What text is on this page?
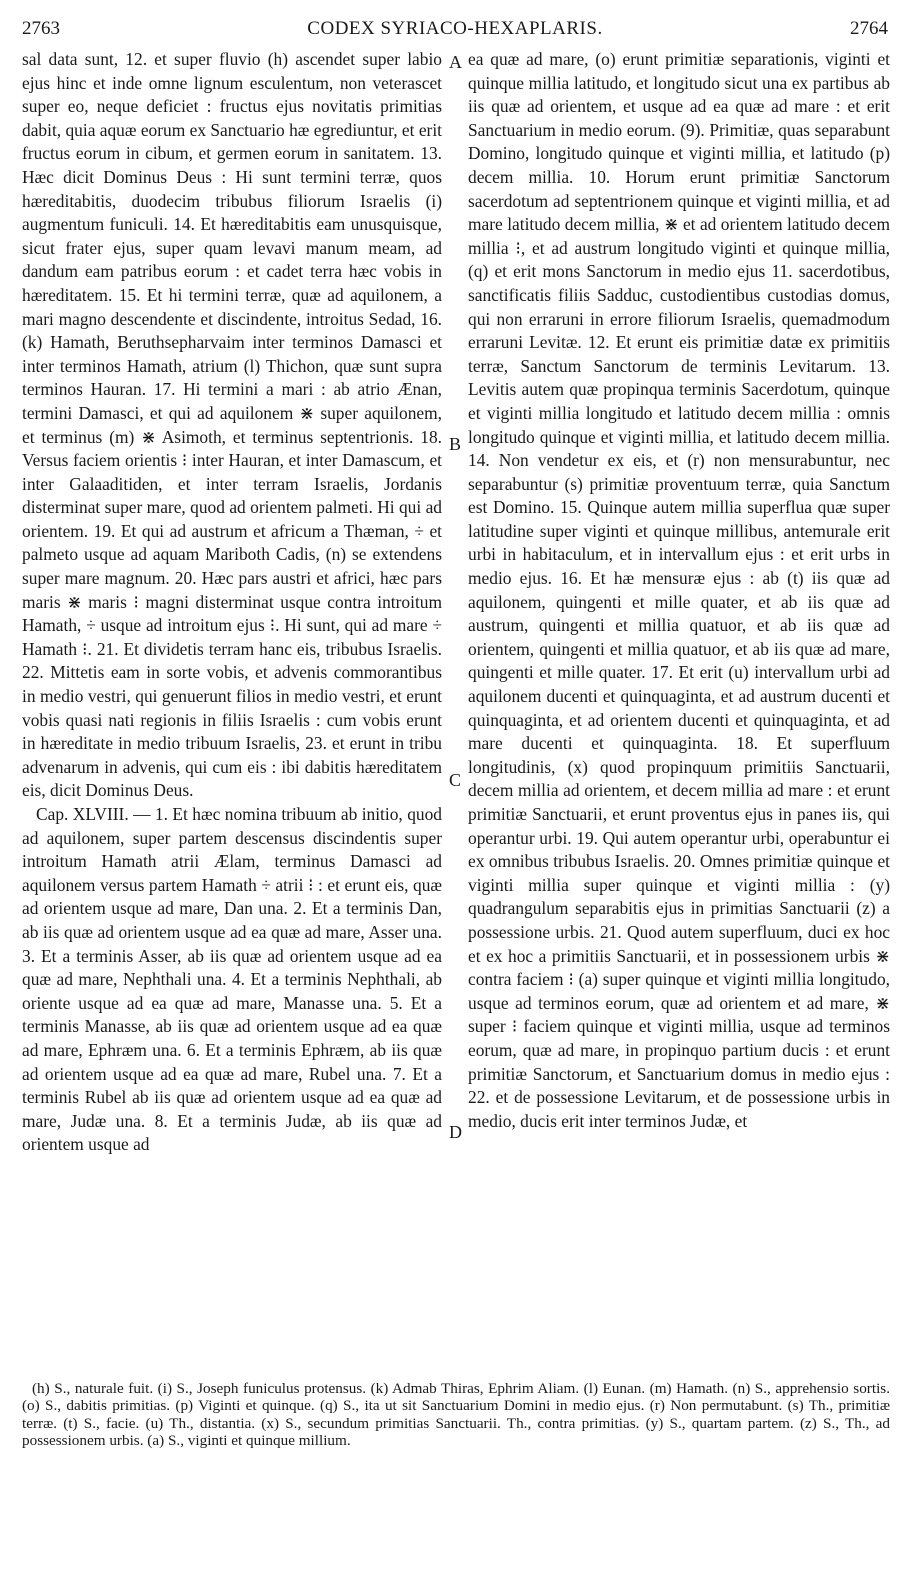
2763	CODEX SYRIACO-HEXAPLARIS.	2764

sal data sunt, 12. et super fluvio (h) ascendet super labio ejus hinc et inde omne lignum esculentum, non veterascet super eo, neque deficiet : fructus ejus novitatis primitias dabit, quia aquæ eorum ex Sanctuario hæ egrediuntur, et erit fructus eorum in cibum, et germen eorum in sanitatem. 13. Hæc dicit Dominus Deus : Hi sunt termini terræ, quos hæreditabitis, duodecim tribubus filiorum Israelis (i) augmentum funiculi. 14. Et hæreditabitis eam unusquisque, sicut frater ejus, super quam levavi manum meam, ad dandum eam patribus eorum : et cadet terra hæc vobis in hæreditatem. 15. Et hi termini terræ, quæ ad aquilonem, a mari magno descendente et discindente, introitus Sedad, 16. (k) Hamath, Beruthsepharvaim inter terminos Damasci et inter terminos Hamath, atrium (l) Thichon, quæ sunt supra terminos Hauran. 17. Hi termini a mari : ab atrio Ænan, termini Damasci, et qui ad aquilonem ⋇ super aquilonem, et terminus (m) ⋇ Asimoth, et terminus septentrionis. 18. Versus faciem orientis ⁝ inter Hauran, et inter Damascum, et inter Galaaditiden, et inter terram Israelis, Jordanis disterminat super mare, quod ad orientem palmeti. Hi qui ad orientem. 19. Et qui ad austrum et africum a Thæman, ÷ et palmeto usque ad aquam Mariboth Cadis, (n) se extendens super mare magnum. 20. Hæc pars austri et africi, hæc pars maris ⋇ maris ⁝ magni disterminat usque contra introitum Hamath, ÷ usque ad introitum ejus ⁝. Hi sunt, qui ad mare ÷ Hamath ⁝. 21. Et dividetis terram hanc eis, tribubus Israelis. 22. Mittetis eam in sorte vobis, et advenis commorantibus in medio vestri, qui genuerunt filios in medio vestri, et erunt vobis quasi nati regionis in filiis Israelis : cum vobis erunt in hæreditate in medio tribuum Israelis, 23. et erunt in tribu advenarum in advenis, qui cum eis : ibi dabitis hæreditatem eis, dicit Dominus Deus.

Cap. XLVIII. — 1. Et hæc nomina tribuum ab initio, quod ad aquilonem, super partem descensus discindentis super introitum Hamath atrii Ælam, terminus Damasci ad aquilonem versus partem Hamath ÷ atrii ⁝ : et erunt eis, quæ ad orientem usque ad mare, Dan una. 2. Et a terminis Dan, ab iis quæ ad orientem usque ad ea quæ ad mare, Asser una. 3. Et a terminis Asser, ab iis quæ ad orientem usque ad ea quæ ad mare, Nephthali una. 4. Et a terminis Nephthali, ab oriente usque ad ea quæ ad mare, Manasse una. 5. Et a terminis Manasse, ab iis quæ ad orientem usque ad ea quæ ad mare, Ephræm una. 6. Et a terminis Ephræm, ab iis quæ ad orientem usque ad ea quæ ad mare, Rubel una. 7. Et a terminis Rubel ab iis quæ ad orientem usque ad ea quæ ad mare, Judæ una. 8. Et a terminis Judæ, ab iis quæ ad orientem usque ad

A
B
C
D

ea quæ ad mare, (o) erunt primitiæ separationis, viginti et quinque millia latitudo, et longitudo sicut una ex partibus ab iis quæ ad orientem, et usque ad ea quæ ad mare : et erit Sanctuarium in medio eorum. (9). Primitiæ, quas separabunt Domino, longitudo quinque et viginti millia, et latitudo (p) decem millia. 10. Horum erunt primitiæ Sanctorum sacerdotum ad septentrionem quinque et viginti millia, et ad mare latitudo decem millia, ⋇ et ad orientem latitudo decem millia ⁝, et ad austrum longitudo viginti et quinque millia, (q) et erit mons Sanctorum in medio ejus 11. sacerdotibus, sanctificatis filiis Sadduc, custodientibus custodias domus, qui non erraruni in errore filiorum Israelis, quemadmodum erraruni Levitæ. 12. Et erunt eis primitiæ datæ ex primitiis terræ, Sanctum Sanctorum de terminis Levitarum. 13. Levitis autem quæ propinqua terminis Sacerdotum, quinque et viginti millia longitudo et latitudo decem millia : omnis longitudo quinque et viginti millia, et latitudo decem millia. 14. Non vendetur ex eis, et (r) non mensurabuntur, nec separabuntur (s) primitiæ proventuum terræ, quia Sanctum est Domino. 15. Quinque autem millia superflua quæ super latitudine super viginti et quinque millibus, antemurale erit urbi in habitaculum, et in intervallum ejus : et erit urbs in medio ejus. 16. Et hæ mensuræ ejus : ab (t) iis quæ ad aquilonem, quingenti et mille quater, et ab iis quæ ad austrum, quingenti et millia quatuor, et ab iis quæ ad orientem, quingenti et millia quatuor, et ab iis quæ ad mare, quingenti et mille quater. 17. Et erit (u) intervallum urbi ad aquilonem ducenti et quinquaginta, et ad austrum ducenti et quinquaginta, et ad orientem ducenti et quinquaginta, et ad mare ducenti et quinquaginta. 18. Et superfluum longitudinis, (x) quod propinquum primitiis Sanctuarii, decem millia ad orientem, et decem millia ad mare : et erunt primitiæ Sanctuarii, et erunt proventus ejus in panes iis, qui operantur urbi. 19. Qui autem operantur urbi, operabuntur ei ex omnibus tribubus Israelis. 20. Omnes primitiæ quinque et viginti millia super quinque et viginti millia : (y) quadrangulum separabitis ejus in primitias Sanctuarii (z) a possessione urbis. 21. Quod autem superfluum, duci ex hoc et ex hoc a primitiis Sanctuarii, et in possessionem urbis ⋇ contra faciem ⁝ (a) super quinque et viginti millia longitudo, usque ad terminos eorum, quæ ad orientem et ad mare, ⋇ super ⁝ faciem quinque et viginti millia, usque ad terminos eorum, quæ ad mare, in propinquo partium ducis : et erunt primitiæ Sanctorum, et Sanctuarium domus in medio ejus : 22. et de possessione Levitarum, et de possessione urbis in medio, ducis erit inter terminos Judæ, et

(h) S., naturale fuit. (i) S., Joseph funiculus protensus. (k) Admab Thiras, Ephrim Aliam. (l) Eunan. (m) Hamath. (n) S., apprehensio sortis. (o) S., dabitis primitias. (p) Viginti et quinque. (q) S., ita ut sit Sanctuarium Domini in medio ejus. (r) Non permutabunt. (s) Th., primitiæ terræ. (t) S., facie. (u) Th., distantia. (x) S., secundum primitias Sanctuarii. Th., contra primitias. (y) S., quartam partem. (z) S., Th., ad possessionem urbis. (a) S., viginti et quinque millium.
